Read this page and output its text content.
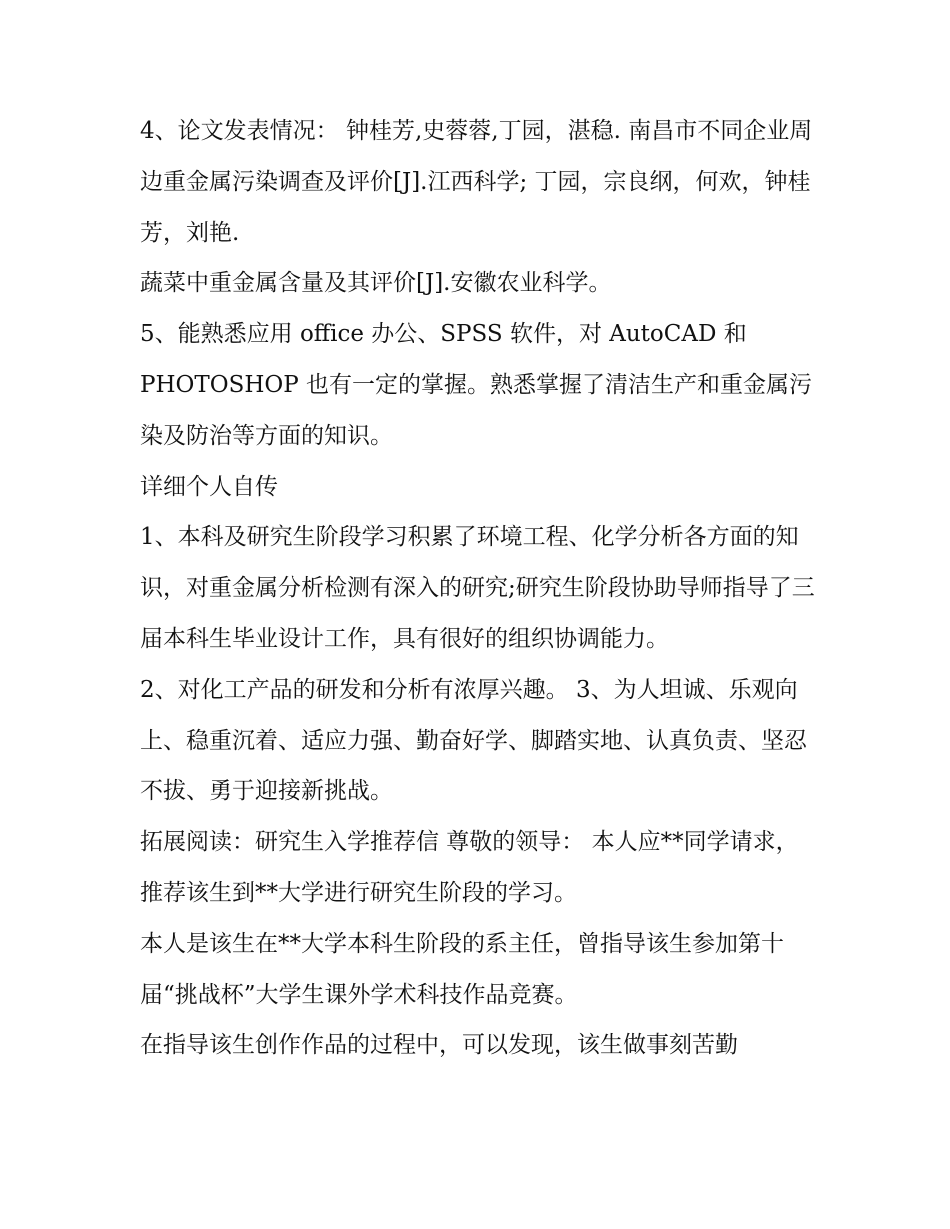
4、论文发表情况： 钟桂芳,史蓉蓉,丁园，湛稳. 南昌市不同企业周边重金属污染调查及评价[J].江西科学; 丁园，宗良纲，何欢，钟桂芳，刘艳.

蔬菜中重金属含量及其评价[J].安徽农业科学。

5、能熟悉应用 office 办公、SPSS 软件，对 AutoCAD 和 PHOTOSHOP 也有一定的掌握。熟悉掌握了清洁生产和重金属污染及防治等方面的知识。

详细个人自传

1、本科及研究生阶段学习积累了环境工程、化学分析各方面的知识，对重金属分析检测有深入的研究;研究生阶段协助导师指导了三届本科生毕业设计工作，具有很好的组织协调能力。

2、对化工产品的研发和分析有浓厚兴趣。 3、为人坦诚、乐观向上、稳重沉着、适应力强、勤奋好学、脚踏实地、认真负责、坚忍不拔、勇于迎接新挑战。

拓展阅读：研究生入学推荐信 尊敬的领导： 本人应**同学请求，推荐该生到**大学进行研究生阶段的学习。

本人是该生在**大学本科生阶段的系主任，曾指导该生参加第十届“挑战杯”大学生课外学术科技作品竞赛。

在指导该生创作作品的过程中，可以发现，该生做事刻苦勤
